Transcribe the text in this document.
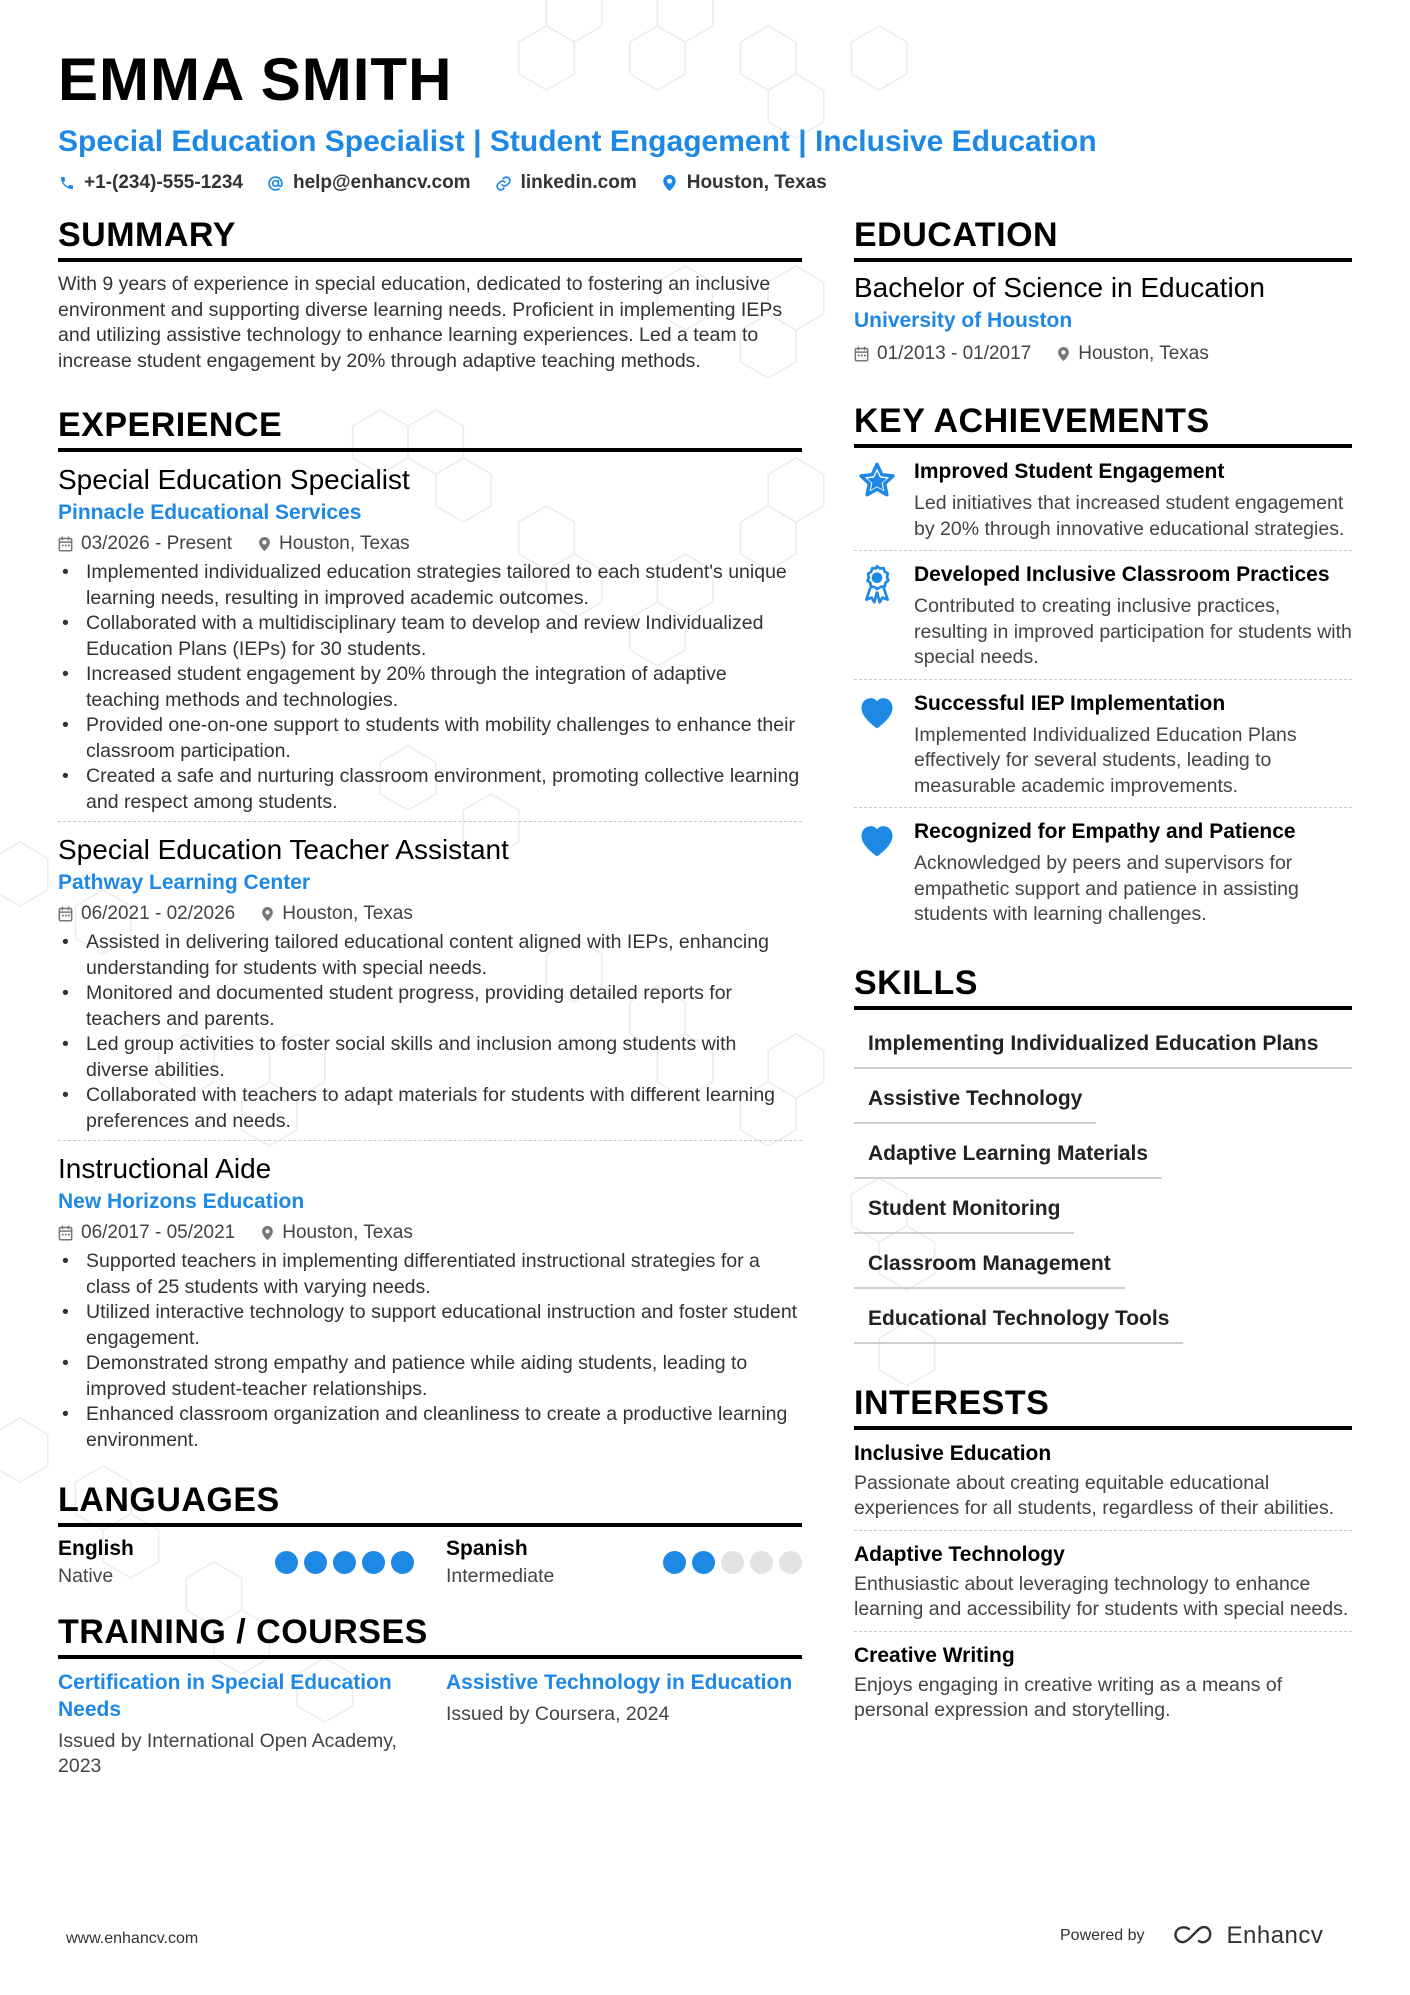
EMMA SMITH
Special Education Specialist | Student Engagement | Inclusive Education
+1-(234)-555-1234	help@enhancv.com	linkedin.com	Houston, Texas
SUMMARY
With 9 years of experience in special education, dedicated to fostering an inclusive environment and supporting diverse learning needs. Proficient in implementing IEPs and utilizing assistive technology to enhance learning experiences. Led a team to increase student engagement by 20% through adaptive teaching methods.
EXPERIENCE
Special Education Specialist
Pinnacle Educational Services
03/2026 - Present Houston, Texas
• Implemented individualized education strategies tailored to each student's unique learning needs, resulting in improved academic outcomes.
• Collaborated with a multidisciplinary team to develop and review Individualized Education Plans (IEPs) for 30 students.
• Increased student engagement by 20% through the integration of adaptive teaching methods and technologies.
• Provided one-on-one support to students with mobility challenges to enhance their classroom participation.
• Created a safe and nurturing classroom environment, promoting collective learning and respect among students.
Special Education Teacher Assistant
Pathway Learning Center
06/2021 - 02/2026 Houston, Texas
• Assisted in delivering tailored educational content aligned with IEPs, enhancing understanding for students with special needs.
• Monitored and documented student progress, providing detailed reports for teachers and parents.
• Led group activities to foster social skills and inclusion among students with diverse abilities.
• Collaborated with teachers to adapt materials for students with different learning preferences and needs.
Instructional Aide
New Horizons Education
06/2017 - 05/2021 Houston, Texas
• Supported teachers in implementing differentiated instructional strategies for a class of 25 students with varying needs.
• Utilized interactive technology to support educational instruction and foster student engagement.
• Demonstrated strong empathy and patience while aiding students, leading to improved student-teacher relationships.
• Enhanced classroom organization and cleanliness to create a productive learning environment.
LANGUAGES
English
Native
Spanish
Intermediate
TRAINING / COURSES
Certification in Special Education Needs
Issued by International Open Academy, 2023
Assistive Technology in Education
Issued by Coursera, 2024
EDUCATION
Bachelor of Science in Education
University of Houston
01/2013 - 01/2017 Houston, Texas
KEY ACHIEVEMENTS
Improved Student Engagement
Led initiatives that increased student engagement by 20% through innovative educational strategies.
Developed Inclusive Classroom Practices
Contributed to creating inclusive practices, resulting in improved participation for students with special needs.
Successful IEP Implementation
Implemented Individualized Education Plans effectively for several students, leading to measurable academic improvements.
Recognized for Empathy and Patience
Acknowledged by peers and supervisors for empathetic support and patience in assisting students with learning challenges.
SKILLS
Implementing Individualized Education Plans
Assistive Technology
Adaptive Learning Materials
Student Monitoring
Classroom Management
Educational Technology Tools
INTERESTS
Inclusive Education
Passionate about creating equitable educational experiences for all students, regardless of their abilities.
Adaptive Technology
Enthusiastic about leveraging technology to enhance learning and accessibility for students with special needs.
Creative Writing
Enjoys engaging in creative writing as a means of personal expression and storytelling.
www.enhancv.com	Powered by	Enhancv
